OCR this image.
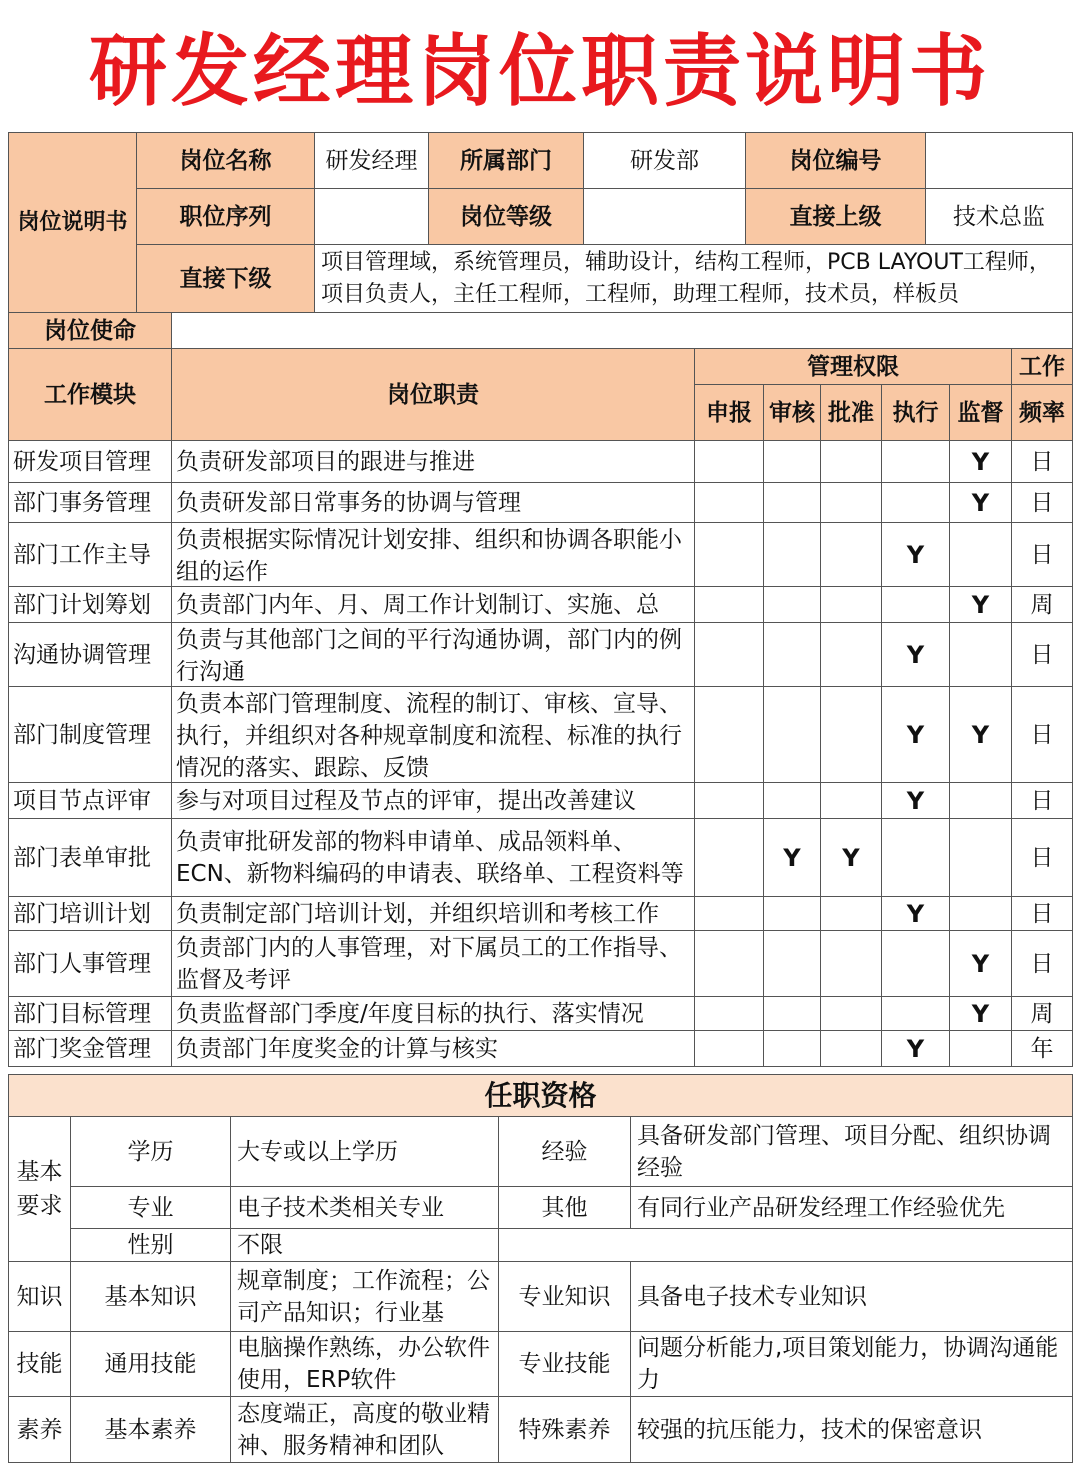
研发经理岗位职责说明书
岗位说明书	岗位名称	研发经理	所属部门	研发部	岗位编号	
	职位序列		岗位等级		直接上级	技术总监
	直接下级	项目管理域，系统管理员，辅助设计，结构工程师，PCB LAYOUT工程师，项目负责人，主任工程师，工程师，助理工程师，技术员，样板员				
岗位使命							
工作模块	岗位职责	管理权限					工作
		申报	审核	批准	执行	监督	频率
研发项目管理	负责研发部项目的跟进与推进					Y	日
部门事务管理	负责研发部日常事务的协调与管理					Y	日
部门工作主导	负责根据实际情况计划安排、组织和协调各职能小组的运作				Y		日
部门计划筹划	负责部门内年、月、周工作计划制订、实施、总					Y	周
沟通协调管理	负责与其他部门之间的平行沟通协调，部门内的例行沟通				Y		日
部门制度管理	负责本部门管理制度、流程的制订、审核、宣导、执行，并组织对各种规章制度和流程、标准的执行情况的落实、跟踪、反馈				Y	Y	日
项目节点评审	参与对项目过程及节点的评审，提出改善建议				Y		日
部门表单审批	负责审批研发部的物料申请单、成品领料单、ECN、新物料编码的申请表、联络单、工程资料等		Y	Y			日
部门培训计划	负责制定部门培训计划，并组织培训和考核工作				Y		日
部门人事管理	负责部门内的人事管理，对下属员工的工作指导、监督及考评					Y	日
部门目标管理	负责监督部门季度/年度目标的执行、落实情况					Y	周
部门奖金管理	负责部门年度奖金的计算与核实				Y		年
任职资格				
基本要求	学历	大专或以上学历	经验	具备研发部门管理、项目分配、组织协调经验
	专业	电子技术类相关专业	其他	有同行业产品研发经理工作经验优先
	性别	不限		
知识	基本知识	规章制度；工作流程；公司产品知识；行业基	专业知识	具备电子技术专业知识
技能	通用技能	电脑操作熟练，办公软件使用，ERP软件	专业技能	问题分析能力,项目策划能力，协调沟通能力
素养	基本素养	态度端正，高度的敬业精神、服务精神和团队	特殊素养	较强的抗压能力，技术的保密意识
